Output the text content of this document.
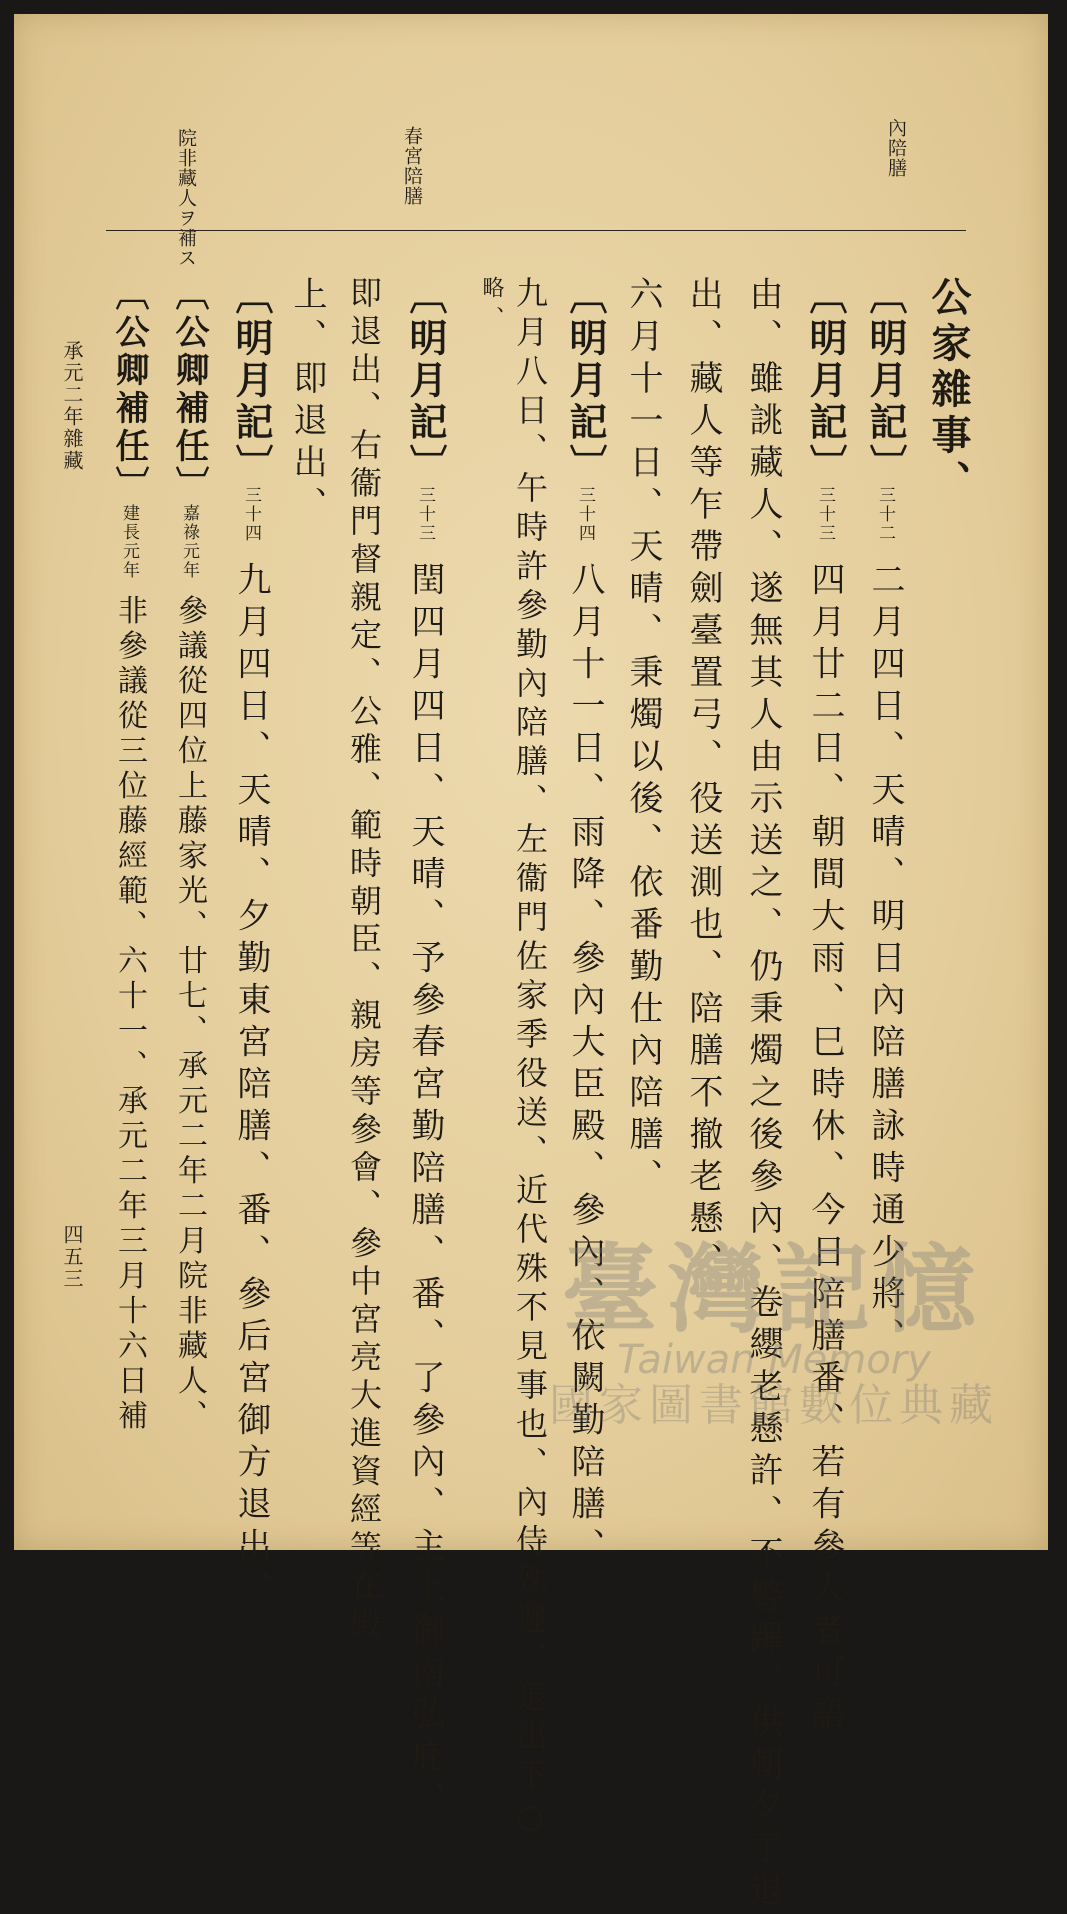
內陪膳
春宮陪膳
院非藏人ヲ補ス
公家雜事、
〔明月記〕三十二 二月四日、天晴、明日內陪膳詠時通少將、
〔明月記〕三十三 四月廿二日、朝間大雨、巳時休、今日陪膳番、若有參人者可語
由、雖誂藏人、遂無其人由示送之、仍秉燭之後參內、卷纓老懸許、不警蹕、供朝夕了退
出、藏人等乍帶劍臺置弓、役送測也、陪膳不撤老懸、
六月十一日、天晴、秉燭以後、依番勤仕內陪膳、
〔明月記〕三十四 八月十一日、雨降、參內大臣殿、參內、依闕勤陪膳、
九月八日、午時許參勤內陪膳、左衞門佐家季役送、近代殊不見事也、內侍殊遲、退出下○
略、
〔明月記〕三十三 閏四月四日、天晴、予參春宮勤陪膳、番、了參內、主上御南弘庇、
即退出、右衞門督親定、公雅、範時朝臣、親房等參會、參中宮亮大進資經等在殿
上、即退出、
〔明月記〕三十四 九月四日、天晴、夕勤東宮陪膳、番、參后宮御方退出、
〔公卿補任〕嘉祿元年 參議從四位上藤家光、廿七、承元二年二月院非藏人、
〔公卿補任〕建長元年 非參議從三位藤經範、六十一、承元二年三月十六日補
承元二年雜藏
四五三	臺灣記憶
Taiwan Memory
國家圖書館數位典藏
